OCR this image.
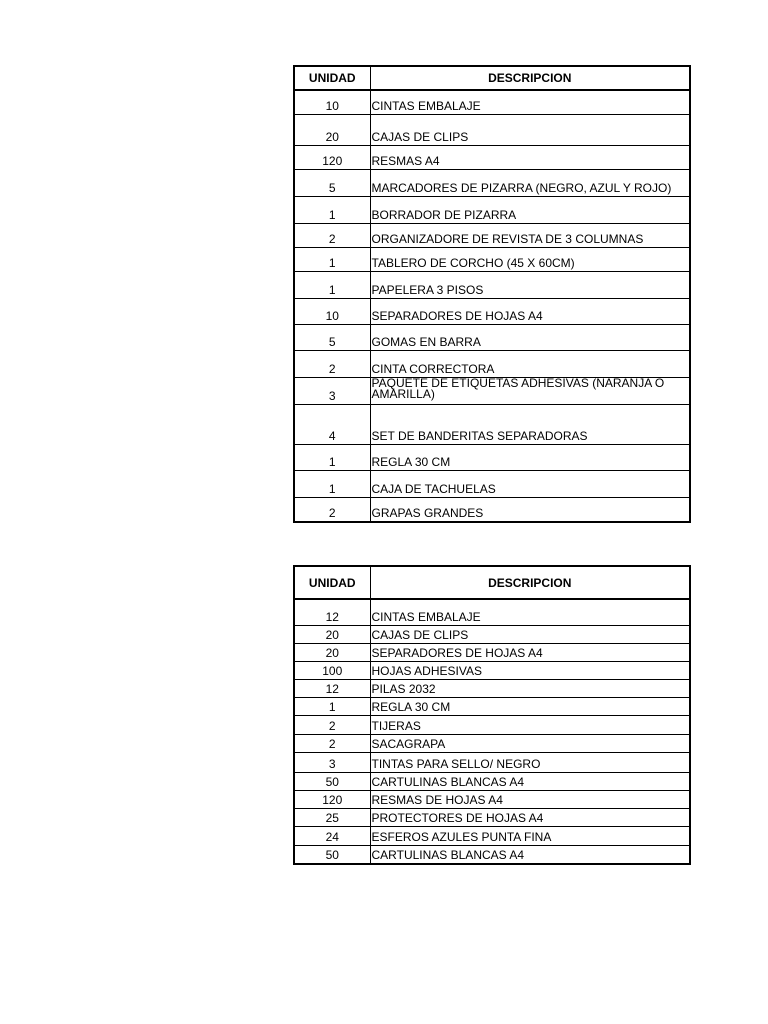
UNIDAD	DESCRIPCION
10	CINTAS EMBALAJE
20	CAJAS DE CLIPS
120	RESMAS A4
5	MARCADORES DE PIZARRA (NEGRO, AZUL Y ROJO)
1	BORRADOR DE PIZARRA
2	ORGANIZADORE DE REVISTA DE 3 COLUMNAS
1	TABLERO DE CORCHO (45 X 60CM)
1	PAPELERA 3 PISOS
10	SEPARADORES DE HOJAS A4
5	GOMAS EN BARRA
2	CINTA CORRECTORA
3	PAQUETE DE ETIQUETAS ADHESIVAS (NARANJA O AMARILLA)
4	SET DE BANDERITAS SEPARADORAS
1	REGLA 30 CM
1	CAJA DE TACHUELAS
2	GRAPAS GRANDES
UNIDAD	DESCRIPCION
12	CINTAS EMBALAJE
20	CAJAS DE CLIPS
20	SEPARADORES DE HOJAS A4
100	HOJAS ADHESIVAS
12	PILAS 2032
1	REGLA 30 CM
2	TIJERAS
2	SACAGRAPA
3	TINTAS PARA SELLO/ NEGRO
50	CARTULINAS BLANCAS A4
120	RESMAS DE HOJAS A4
25	PROTECTORES DE HOJAS A4
24	ESFEROS AZULES PUNTA FINA
50	CARTULINAS BLANCAS A4
